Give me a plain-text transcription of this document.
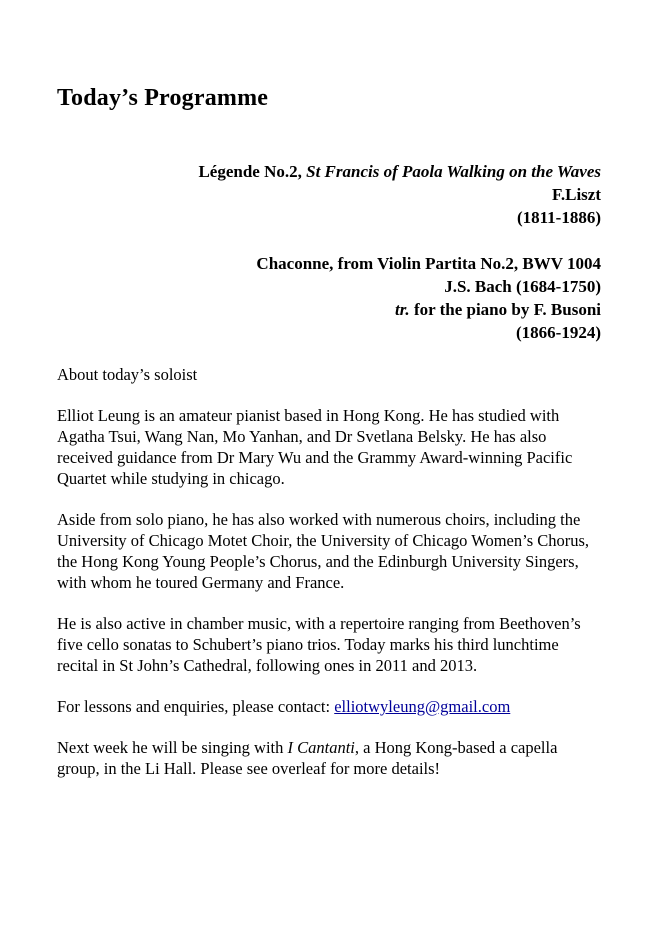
Today’s Programme
Légende No.2, St Francis of Paola Walking on the Waves
F.Liszt
(1811-1886)
Chaconne, from Violin Partita No.2, BWV 1004
J.S. Bach (1684-1750)
tr. for the piano by F. Busoni
(1866-1924)

About today’s soloist

Elliot Leung is an amateur pianist based in Hong Kong. He has studied with Agatha Tsui, Wang Nan, Mo Yanhan, and Dr Svetlana Belsky. He has also received guidance from Dr Mary Wu and the Grammy Award-winning Pacific Quartet while studying in chicago.

Aside from solo piano, he has also worked with numerous choirs, including the University of Chicago Motet Choir, the University of Chicago Women’s Chorus, the Hong Kong Young People’s Chorus, and the Edinburgh University Singers, with whom he toured Germany and France.

He is also active in chamber music, with a repertoire ranging from Beethoven’s five cello sonatas to Schubert’s piano trios. Today marks his third lunchtime recital in St John’s Cathedral, following ones in 2011 and 2013.

For lessons and enquiries, please contact: elliotwyleung@gmail.com

Next week he will be singing with I Cantanti, a Hong Kong-based a capella group, in the Li Hall. Please see overleaf for more details!
